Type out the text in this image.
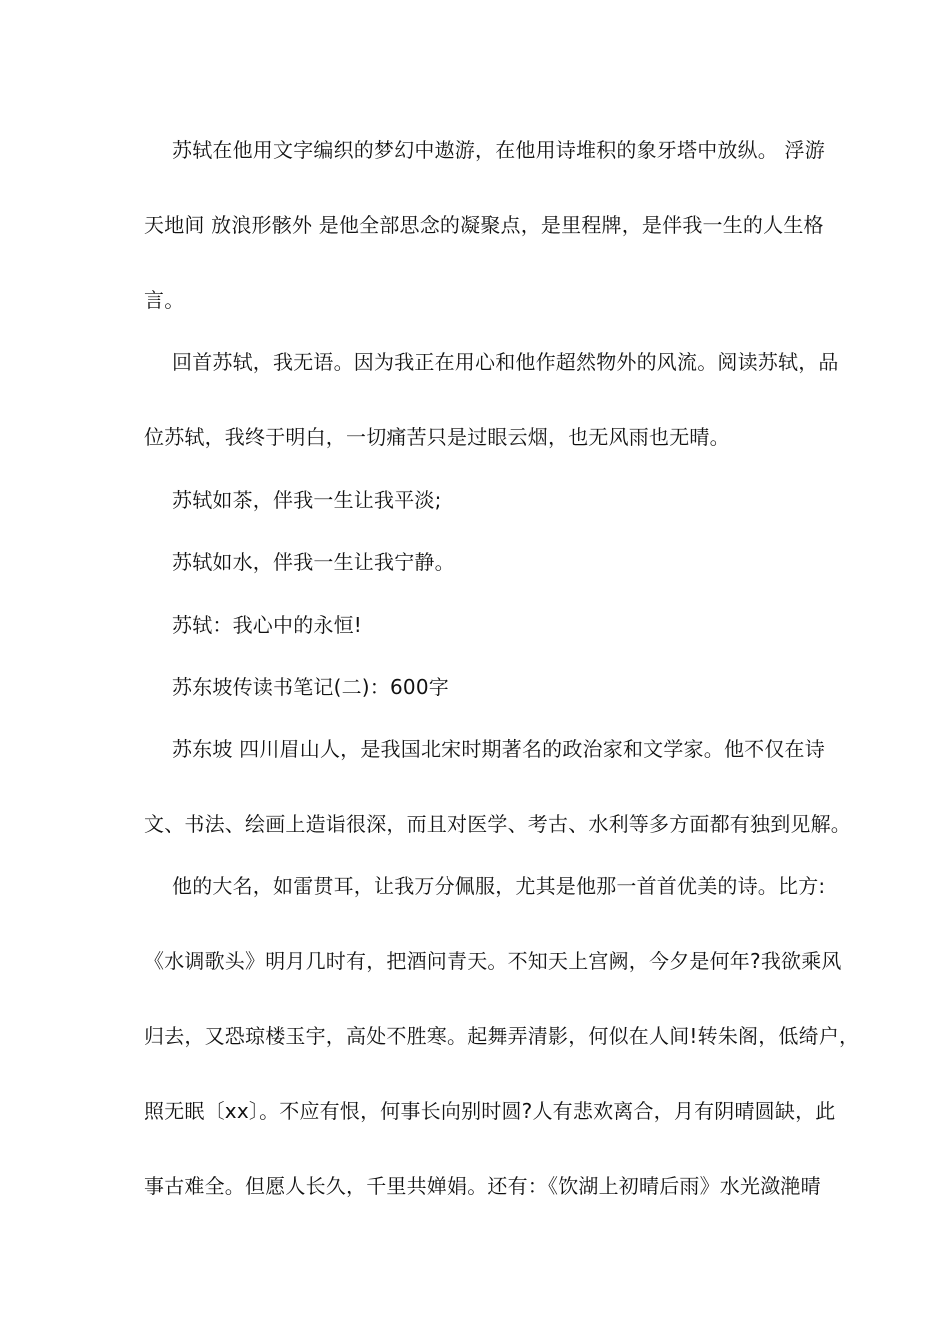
苏轼在他用文字编织的梦幻中遨游，在他用诗堆积的象牙塔中放纵。 浮游
天地间 放浪形骸外 是他全部思念的凝聚点，是里程牌，是伴我一生的人生格
言。
回首苏轼，我无语。因为我正在用心和他作超然物外的风流。阅读苏轼，品
位苏轼，我终于明白，一切痛苦只是过眼云烟，也无风雨也无晴。
苏轼如茶，伴我一生让我平淡;
苏轼如水，伴我一生让我宁静。
苏轼：我心中的永恒!
苏东坡传读书笔记(二)：600字
苏东坡 四川眉山人，是我国北宋时期著名的政治家和文学家。他不仅在诗
文、书法、绘画上造诣很深，而且对医学、考古、水利等多方面都有独到见解。
他的大名，如雷贯耳，让我万分佩服，尤其是他那一首首优美的诗。比方:
《水调歌头》明月几时有，把酒问青天。不知天上宫阙，今夕是何年?我欲乘风
归去，又恐琼楼玉宇，高处不胜寒。起舞弄清影，何似在人间!转朱阁，低绮户，
照无眠〔xx〕。不应有恨，何事长向别时圆?人有悲欢离合，月有阴晴圆缺，此
事古难全。但愿人长久，千里共婵娟。还有：《饮湖上初晴后雨》水光潋滟晴
